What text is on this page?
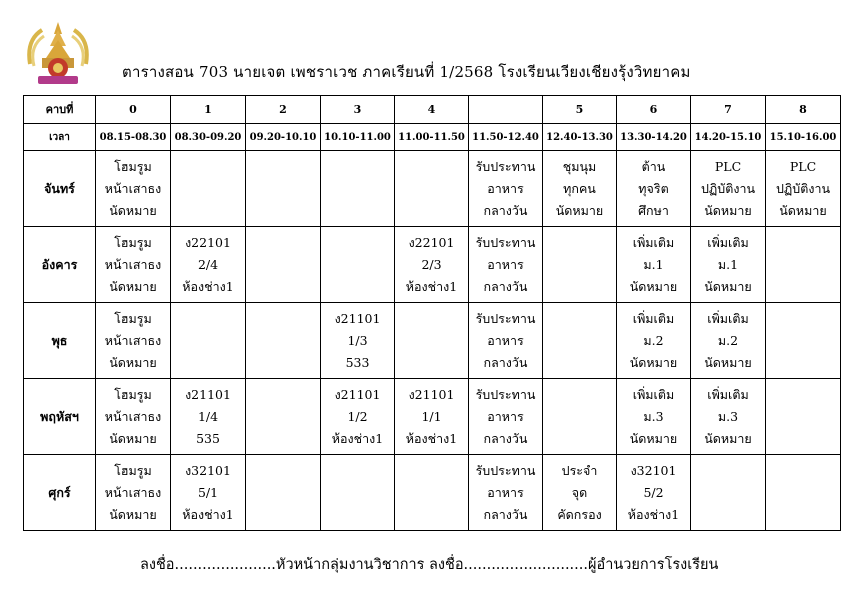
ตารางสอน 703 นายเจต เพชราเวช ภาคเรียนที่ 1/2568 โรงเรียนเวียงเชียงรุ้งวิทยาคม
คาบที่	0	1	2	3	4		5	6	7	8
เวลา	08.15-08.30	08.30-09.20	09.20-10.10	10.10-11.00	11.00-11.50	11.50-12.40	12.40-13.30	13.30-14.20	14.20-15.10	15.10-16.00
จันทร์	โฮมรูม
หน้าเสาธง
นัดหมาย					รับประทาน
อาหาร
กลางวัน	ชุมนุม
ทุกคน
นัดหมาย	ต้าน
ทุจริต
ศึกษา	PLC
ปฏิบัติงาน
นัดหมาย	PLC
ปฏิบัติงาน
นัดหมาย

อังคาร	โฮมรูม
หน้าเสาธง
นัดหมาย	ง22101
2/4
ห้องช่าง1			ง22101
2/3
ห้องช่าง1	รับประทาน
อาหาร
กลางวัน		เพิ่มเติม
ม.1
นัดหมาย	เพิ่มเติม
ม.1
นัดหมาย	

พุธ	โฮมรูม
หน้าเสาธง
นัดหมาย			ง21101
1/3
533		รับประทาน
อาหาร
กลางวัน		เพิ่มเติม
ม.2
นัดหมาย	เพิ่มเติม
ม.2
นัดหมาย	

พฤหัสฯ	โฮมรูม
หน้าเสาธง
นัดหมาย	ง21101
1/4
535		ง21101
1/2
ห้องช่าง1	ง21101
1/1
ห้องช่าง1	รับประทาน
อาหาร
กลางวัน		เพิ่มเติม
ม.3
นัดหมาย	เพิ่มเติม
ม.3
นัดหมาย	

ศุกร์	โฮมรูม
หน้าเสาธง
นัดหมาย	ง32101
5/1
ห้องช่าง1				รับประทาน
อาหาร
กลางวัน	ประจำ
จุด
คัดกรอง	ง32101
5/2
ห้องช่าง1		

ลงชื่อ......................หัวหน้ากลุ่มงานวิชาการ ลงชื่อ...........................ผู้อำนวยการโรงเรียน
